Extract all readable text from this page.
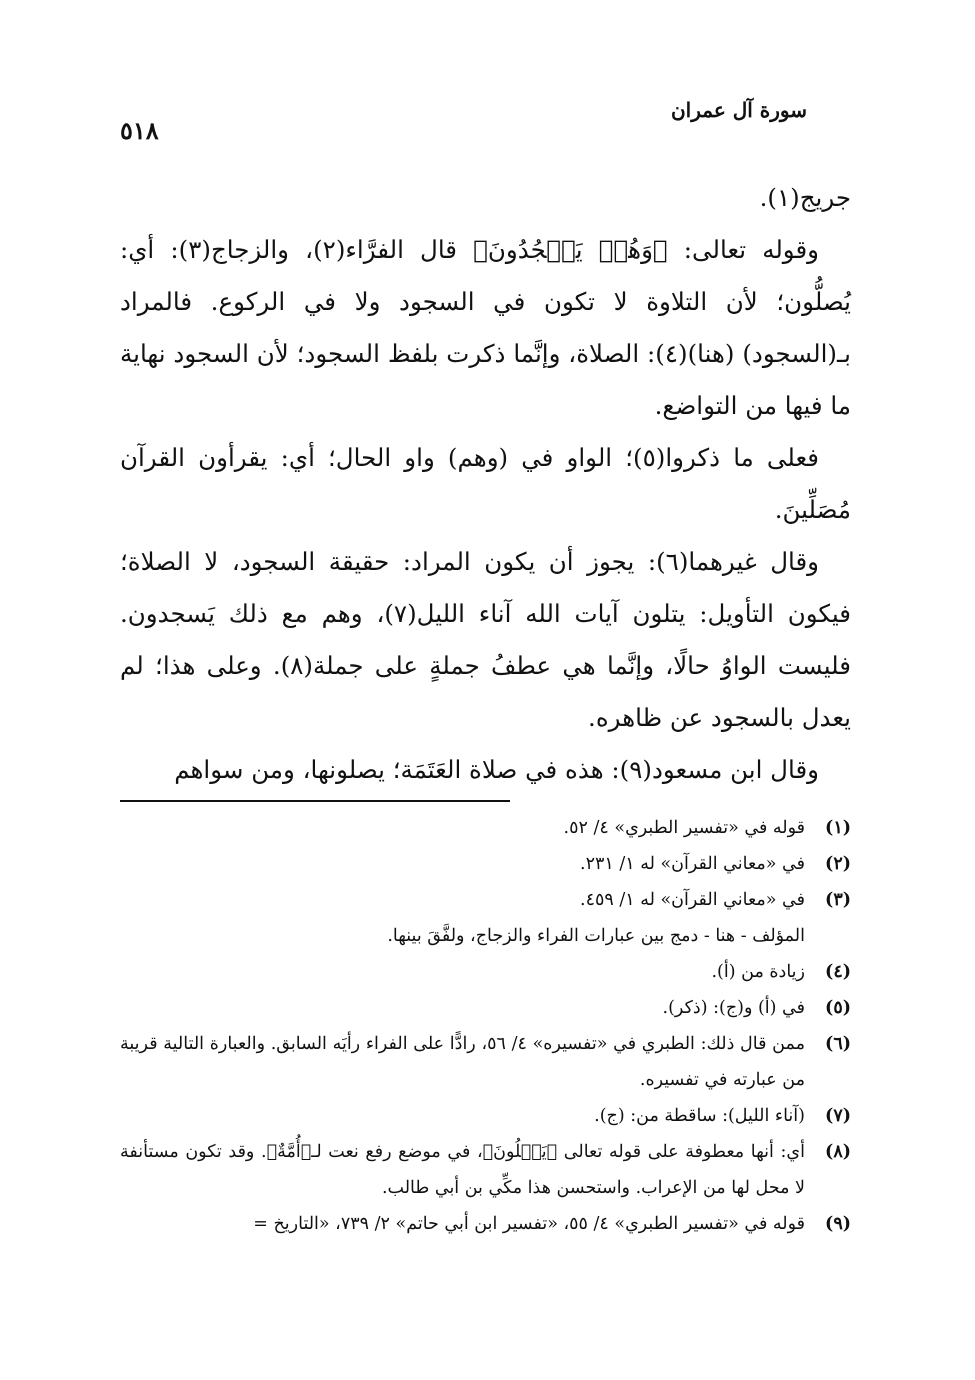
سورة آل عمران
٥١٨

جريج(١).

وقوله تعالى: ﴿وَهُمۡ يَسۡجُدُونَ﴾ قال الفرَّاء(٢)، والزجاج(٣): أي: يُصلُّون؛ لأن التلاوة لا تكون في السجود ولا في الركوع. فالمراد بـ(السجود) (هنا)(٤): الصلاة، وإنَّما ذكرت بلفظ السجود؛ لأن السجود نهاية ما فيها من التواضع.

فعلى ما ذكروا(٥)؛ الواو في (وهم) واو الحال؛ أي: يقرأون القرآن مُصَلِّينَ.

وقال غيرهما(٦): يجوز أن يكون المراد: حقيقة السجود، لا الصلاة؛ فيكون التأويل: يتلون آيات الله آناء الليل(٧)، وهم مع ذلك يَسجدون. فليست الواوُ حالًا، وإنَّما هي عطفُ جملةٍ على جملة(٨). وعلى هذا؛ لم يعدل بالسجود عن ظاهره.

وقال ابن مسعود(٩): هذه في صلاة العَتَمَة؛ يصلونها، ومن سواهم

(١)
قوله في «تفسير الطبري» ٤/ ٥٢.
(٢)
في «معاني القرآن» له ١/ ٢٣١.
(٣)
في «معاني القرآن» له ١/ ٤٥٩.
المؤلف - هنا - دمج بين عبارات الفراء والزجاج، ولفَّقَ بينها.
(٤)
زيادة من (أ).
(٥)
في (أ) و(ج): (ذكر).
(٦)
ممن قال ذلك: الطبري في «تفسيره» ٤/ ٥٦، رادًّا على الفراء رأيَه السابق. والعبارة التالية قريبة من عبارته في تفسيره.
(٧)
(آناء الليل): ساقطة من: (ج).
(٨)
أي: أنها معطوفة على قوله تعالى ﴿يَتۡلُونَ﴾، في موضع رفع نعت لـ﴿أُمَّةٌ﴾. وقد تكون مستأنفة لا محل لها من الإعراب. واستحسن هذا مكِّي بن أبي طالب.
(٩)
قوله في «تفسير الطبري» ٤/ ٥٥، «تفسير ابن أبي حاتم» ٢/ ٧٣٩، «التاريخ =‎
